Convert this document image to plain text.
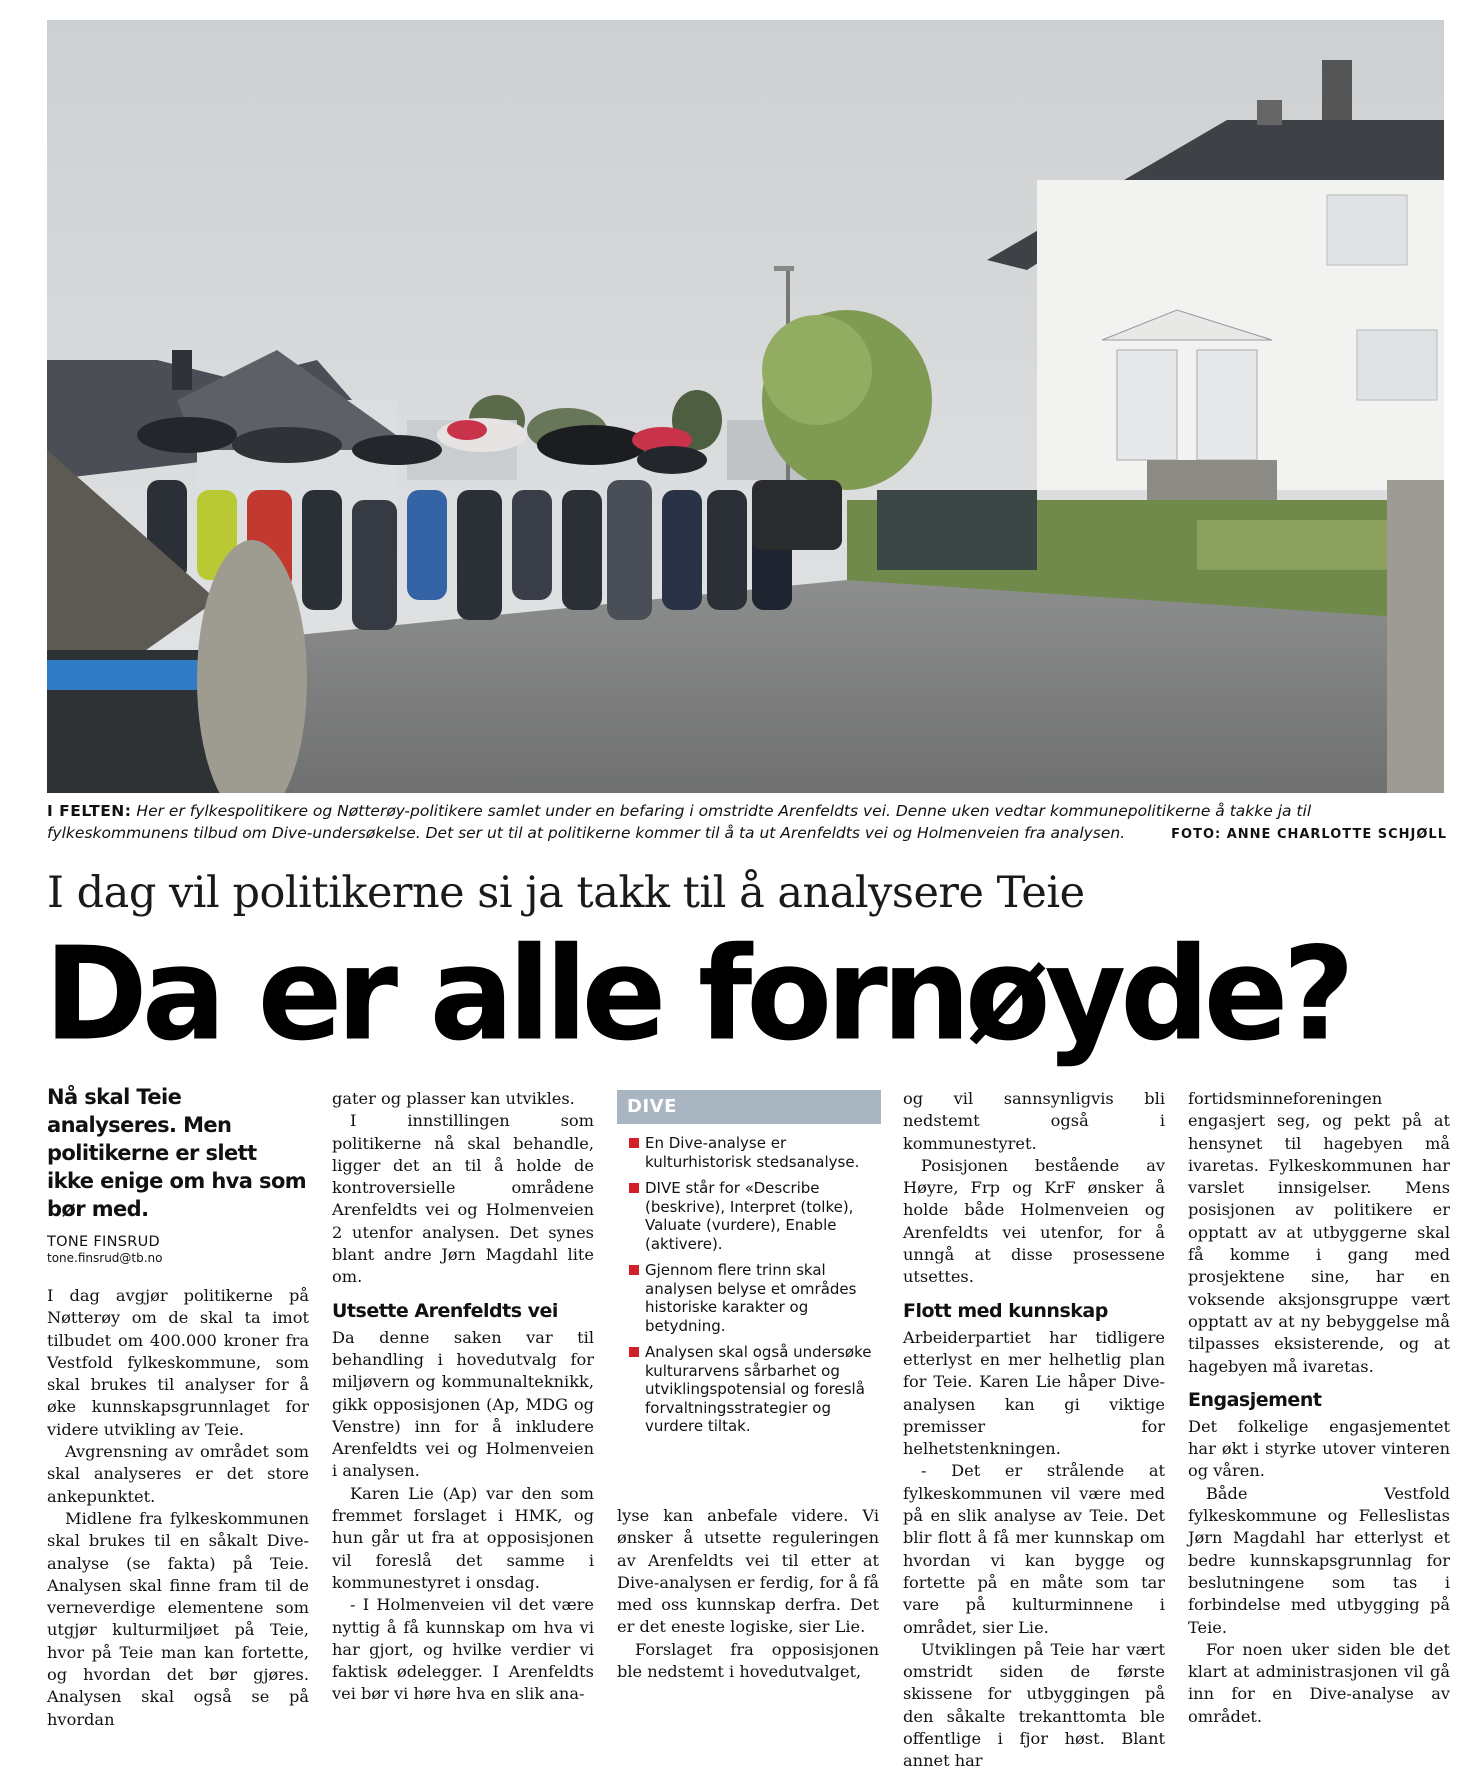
I FELTEN: Her er fylkespolitikere og Nøtterøy-politikere samlet under en befaring i omstridte Arenfeldts vei. Denne uken vedtar kommunepolitikerne å takke ja til fylkeskommunens tilbud om Dive-undersøkelse. Det ser ut til at politikerne kommer til å ta ut Arenfeldts vei og Holmenveien fra analysen.	FOTO: ANNE CHARLOTTE SCHJØLL
I dag vil politikerne si ja takk til å analysere Teie
Da er alle fornøyde?
Nå skal Teie analyseres. Men politikerne er slett ikke enige om hva som bør med.
TONE FINSRUD
tone.finsrud@tb.no

I dag avgjør politikerne på Nøtterøy om de skal ta imot tilbudet om 400.000 kroner fra Vestfold fylkeskommune, som skal brukes til analyser for å øke kunnskapsgrunnlaget for videre utvikling av Teie.

Avgrensning av området som skal analyseres er det store ankepunktet.

Midlene fra fylkeskommunen skal brukes til en såkalt Dive-analyse (se fakta) på Teie. Analysen skal finne fram til de verneverdige elementene som utgjør kulturmiljøet på Teie, hvor på Teie man kan fortette, og hvordan det bør gjøres. Analysen skal også se på hvordan

gater og plasser kan utvikles.

I innstillingen som politikerne nå skal behandle, ligger det an til å holde de kontroversielle områdene Arenfeldts vei og Holmenveien 2 utenfor analysen. Det synes blant andre Jørn Magdahl lite om.

Utsette Arenfeldts vei

Da denne saken var til behandling i hovedutvalg for miljøvern og kommunalteknikk, gikk opposisjonen (Ap, MDG og Venstre) inn for å inkludere Arenfeldts vei og Holmenveien i analysen.

Karen Lie (Ap) var den som fremmet forslaget i HMK, og hun går ut fra at opposisjonen vil foreslå det samme i kommunestyret i onsdag.

- I Holmenveien vil det være nyttig å få kunnskap om hva vi har gjort, og hvilke verdier vi faktisk ødelegger. I Arenfeldts vei bør vi høre hva en slik ana-

DIVE
En Dive-analyse er kulturhistorisk stedsanalyse.
DIVE står for «Describe (beskrive), Interpret (tolke), Valuate (vurdere), Enable (aktivere).
Gjennom flere trinn skal analysen belyse et områdes historiske karakter og betydning.
Analysen skal også undersøke kulturarvens sårbarhet og utviklingspotensial og foreslå forvaltningsstrategier og vurdere tiltak.

lyse kan anbefale videre. Vi ønsker å utsette reguleringen av Arenfeldts vei til etter at Dive-analysen er ferdig, for å få med oss kunnskap derfra. Det er det eneste logiske, sier Lie.

Forslaget fra opposisjonen ble nedstemt i hovedutvalget,

og vil sannsynligvis bli nedstemt også i kommunestyret.

Posisjonen bestående av Høyre, Frp og KrF ønsker å holde både Holmenveien og Arenfeldts vei utenfor, for å unngå at disse prosessene utsettes.

Flott med kunnskap

Arbeiderpartiet har tidligere etterlyst en mer helhetlig plan for Teie. Karen Lie håper Dive-analysen kan gi viktige premisser for helhetstenkningen.

- Det er strålende at fylkeskommunen vil være med på en slik analyse av Teie. Det blir flott å få mer kunnskap om hvordan vi kan bygge og fortette på en måte som tar vare på kulturminnene i området, sier Lie.

Utviklingen på Teie har vært omstridt siden de første skissene for utbyggingen på den såkalte trekanttomta ble offentlige i fjor høst. Blant annet har

fortidsminneforeningen engasjert seg, og pekt på at hensynet til hagebyen må ivaretas. Fylkeskommunen har varslet innsigelser. Mens posisjonen av politikere er opptatt av at utbyggerne skal få komme i gang med prosjektene sine, har en voksende aksjonsgruppe vært opptatt av at ny bebyggelse må tilpasses eksisterende, og at hagebyen må ivaretas.

Engasjement

Det folkelige engasjementet har økt i styrke utover vinteren og våren.

Både Vestfold fylkeskommune og Felleslistas Jørn Magdahl har etterlyst et bedre kunnskapsgrunnlag for beslutningene som tas i forbindelse med utbygging på Teie.

For noen uker siden ble det klart at administrasjonen vil gå inn for en Dive-analyse av området.
